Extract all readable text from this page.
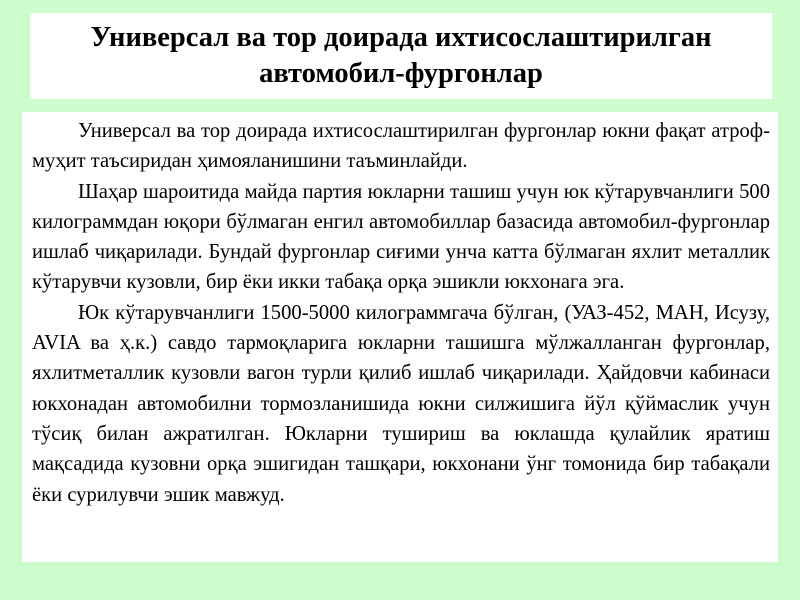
Универсал ва тор доирада ихтисослаштирилган автомобил-фургонлар

Универсал ва тор доирада ихтисослаштирилган фургонлар юкни фақат атроф-муҳит таъсиридан ҳимояланишини таъминлайди.

Шаҳар шароитида майда партия юкларни ташиш учун юк кўтарувчанлиги 500 килограммдан юқори бўлмаган енгил автомобиллар базасида автомобил-фургонлар ишлаб чиқарилади. Бундай фургонлар сиғими унча катта бўлмаган яхлит металлик кўтарувчи кузовли, бир ёки икки табақа орқа эшикли юкхонага эга.

Юк кўтарувчанлиги 1500-5000 килограммгача бўлган, (УАЗ-452, МАН, Исузу, AVIA ва ҳ.к.) савдо тармоқларига юкларни ташишга мўлжалланган фургонлар, яхлитметаллик кузовли вагон турли қилиб ишлаб чиқарилади. Ҳайдовчи кабинаси юкхонадан автомобилни тормозланишида юкни силжишига йўл қўймаслик учун тўсиқ билан ажратилган. Юкларни тушириш ва юклашда қулайлик яратиш мақсадида кузовни орқа эшигидан ташқари, юкхонани ўнг томонида бир табақали ёки сурилувчи эшик мавжуд.
